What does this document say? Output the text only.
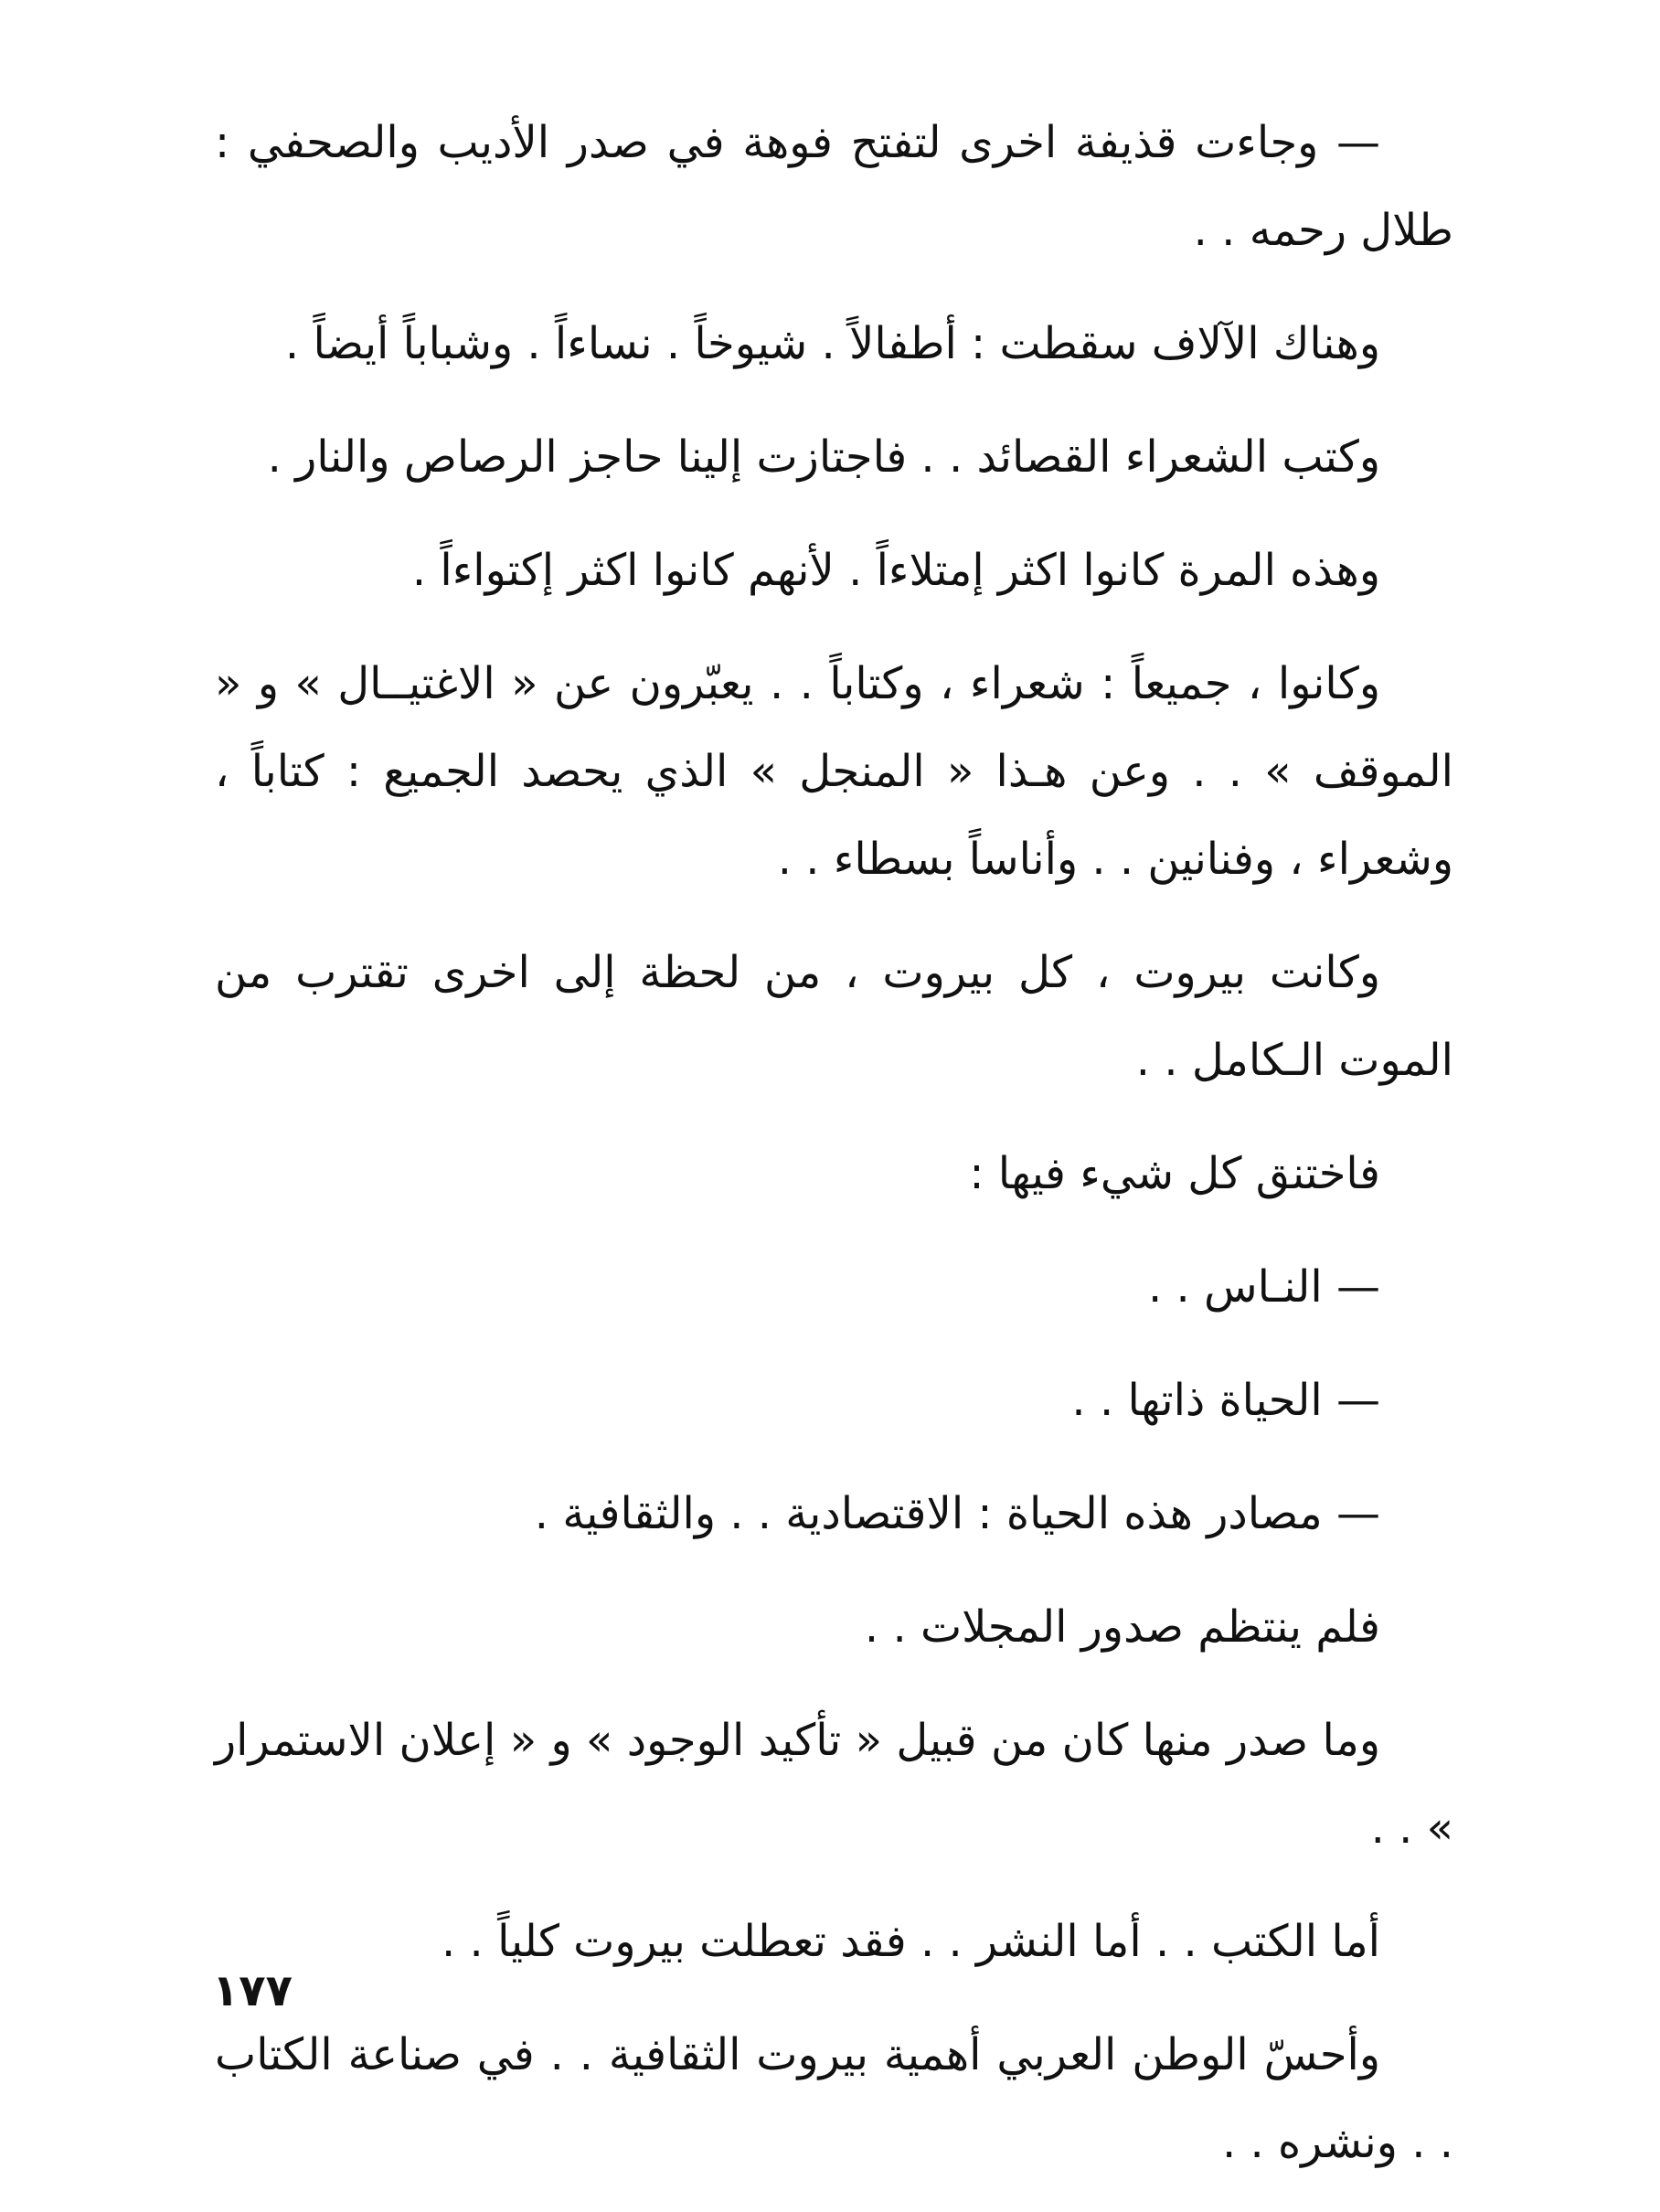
— وجاءت قذيفة اخرى لتفتح فوهة في صدر الأديب والصحفي : طلال رحمه . .

وهناك الآلاف سقطت : أطفالاً . شيوخاً . نساءاً . وشباباً أيضاً .

وكتب الشعراء القصائد . . فاجتازت إلينا حاجز الرصاص والنار .

وهذه المرة كانوا اكثر إمتلاءاً . لأنهم كانوا اكثر إكتواءاً .

وكانوا ، جميعاً : شعراء ، وكتاباً . . يعبّرون عن « الاغتيــال » و « الموقف » . . وعن هـذا « المنجل » الذي يحصد الجميع : كتاباً ، وشعراء ، وفنانين . . وأناساً بسطاء . .

وكانت بيروت ، كل بيروت ، من لحظة إلى اخرى تقترب من الموت الـكامل . .

فاختنق كل شيء فيها :

— النـاس . .

— الحياة ذاتها . .

— مصادر هذه الحياة : الاقتصادية . . والثقافية .

فلم ينتظم صدور المجلات . .

وما صدر منها كان من قبيل « تأكيد الوجود » و « إعلان الاستمرار » . .

أما الكتب . . أما النشر . . فقد تعطلت بيروت كلياً . .

وأحسّ الوطن العربي أهمية بيروت الثقافية . . في صناعة الكتاب . . ونشره . .

١٧٧
